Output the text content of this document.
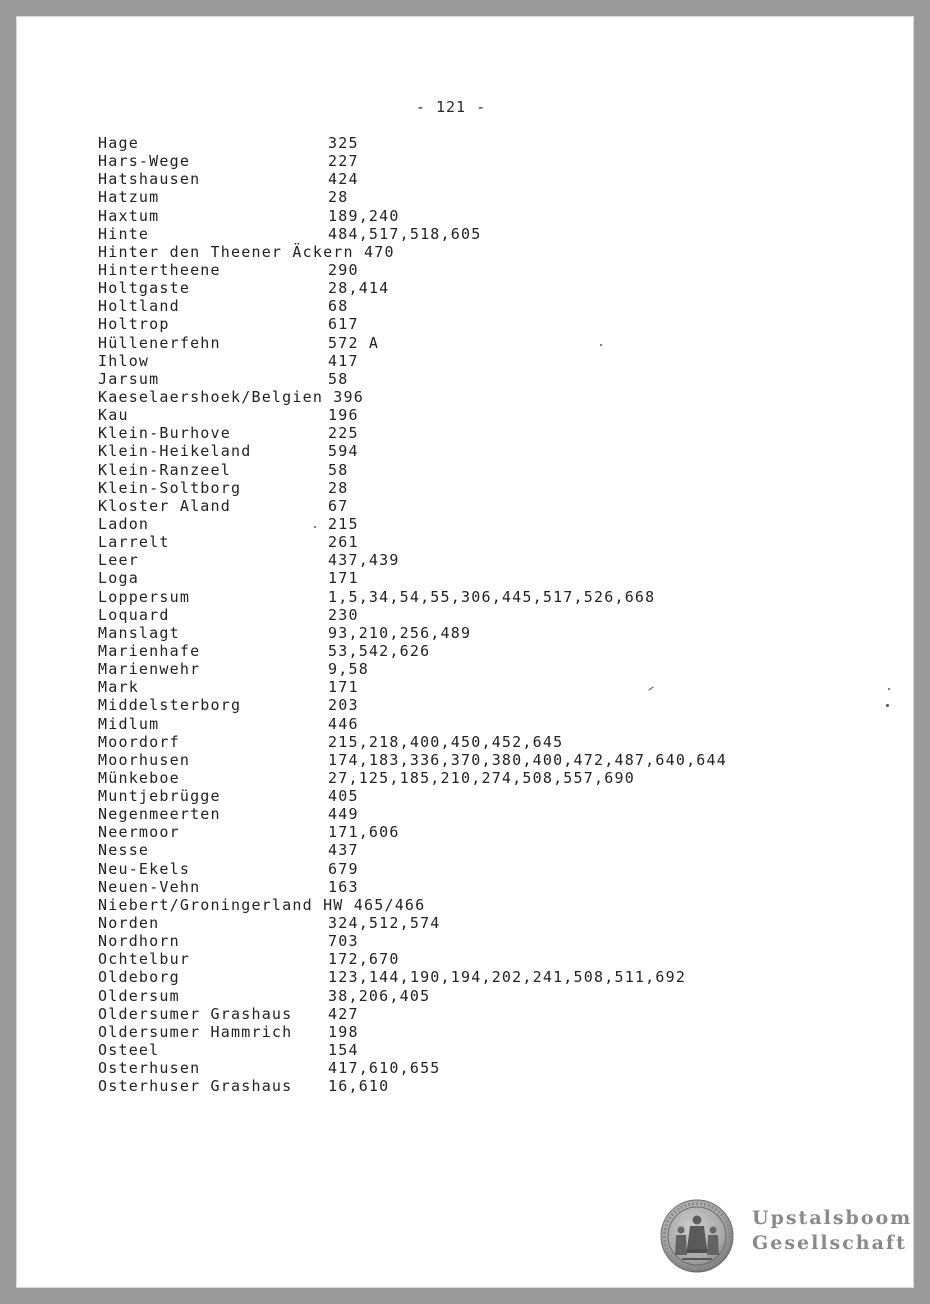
- 121 -
Hage	325
Hars-Wege	227
Hatshausen	424
Hatzum	28
Haxtum	189,240
Hinte	484,517,518,605
Hinter den Theener Äckern 470
Hintertheene	290
Holtgaste	28,414
Holtland	68
Holtrop	617
Hüllenerfehn	572 A
Ihlow	417
Jarsum	58
Kaeselaershoek/Belgien 396
Kau	196
Klein-Burhove	225
Klein-Heikeland	594
Klein-Ranzeel	58
Klein-Soltborg	28
Kloster Aland	67
Ladon	215
Larrelt	261
Leer	437,439
Loga	171
Loppersum	1,5,34,54,55,306,445,517,526,668
Loquard	230
Manslagt	93,210,256,489
Marienhafe	53,542,626
Marienwehr	9,58
Mark	171
Middelsterborg	203
Midlum	446
Moordorf	215,218,400,450,452,645
Moorhusen	174,183,336,370,380,400,472,487,640,644
Münkeboe	27,125,185,210,274,508,557,690
Muntjebrügge	405
Negenmeerten	449
Neermoor	171,606
Nesse	437
Neu-Ekels	679
Neuen-Vehn	163
Niebert/Groningerland HW 465/466
Norden	324,512,574
Nordhorn	703
Ochtelbur	172,670
Oldeborg	123,144,190,194,202,241,508,511,692
Oldersum	38,206,405
Oldersumer Grashaus 427
Oldersumer Hammrich 198
Osteel	154
Osterhusen	417,610,655
Osterhuser Grashaus 16,610
Upstalsboom
Gesellschaft
